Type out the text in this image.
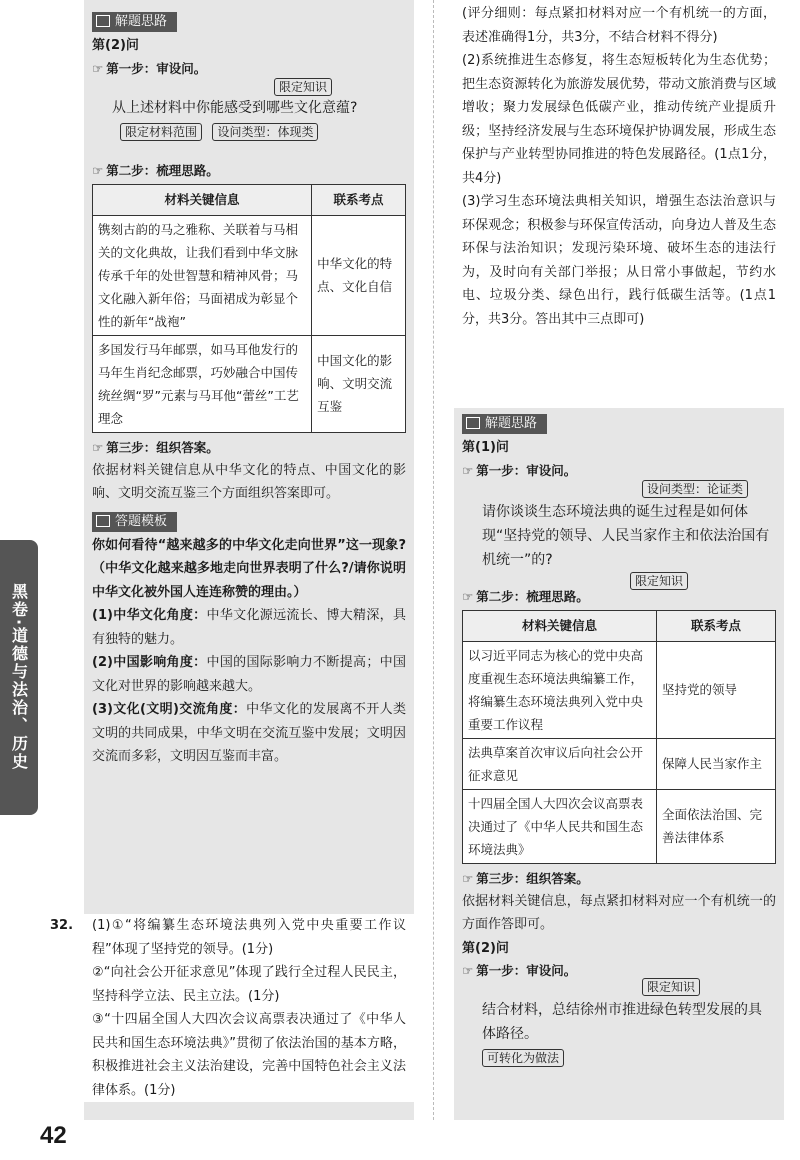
黑卷·道德与法治、历史
解题思路

第(2)问

☞ 第一步：审设问。

限定知识
从上述材料中你能感受到哪些文化意蕴?
限定材料范围 设问类型：体现类

☞ 第二步：梳理思路。

材料关键信息	联系考点
镌刻古韵的马之雅称、关联着与马相关的文化典故，让我们看到中华文脉传承千年的处世智慧和精神风骨；马文化融入新年俗；马面裙成为彰显个性的新年“战袍”	中华文化的特点、文化自信
多国发行马年邮票，如马耳他发行的马年生肖纪念邮票，巧妙融合中国传统丝绸“罗”元素与马耳他“蕾丝”工艺理念	中国文化的影响、文明交流互鉴

☞ 第三步：组织答案。

依据材料关键信息从中华文化的特点、中国文化的影响、文明交流互鉴三个方面组织答案即可。

答题模板

你如何看待“越来越多的中华文化走向世界”这一现象?（中华文化越来越多地走向世界表明了什么?/请你说明中华文化被外国人连连称赞的理由。）

(1)中华文化角度：中华文化源远流长、博大精深，具有独特的魅力。

(2)中国影响角度：中国的国际影响力不断提高；中国文化对世界的影响越来越大。

(3)文化(文明)交流角度：中华文化的发展离不开人类文明的共同成果，中华文明在交流互鉴中发展；文明因交流而多彩，文明因互鉴而丰富。

32. (1)①“将编纂生态环境法典列入党中央重要工作议程”体现了坚持党的领导。(1分)

②“向社会公开征求意见”体现了践行全过程人民民主，坚持科学立法、民主立法。(1分)

③“十四届全国人大四次会议高票表决通过了《中华人民共和国生态环境法典》”贯彻了依法治国的基本方略，积极推进社会主义法治建设，完善中国特色社会主义法律体系。(1分)

(评分细则：每点紧扣材料对应一个有机统一的方面，表述准确得1分，共3分，不结合材料不得分)

(2)系统推进生态修复，将生态短板转化为生态优势；把生态资源转化为旅游发展优势，带动文旅消费与区域增收；聚力发展绿色低碳产业，推动传统产业提质升级；坚持经济发展与生态环境保护协调发展，形成生态保护与产业转型协同推进的特色发展路径。(1点1分，共4分)

(3)学习生态环境法典相关知识，增强生态法治意识与环保观念；积极参与环保宣传活动，向身边人普及生态环保与法治知识；发现污染环境、破坏生态的违法行为，及时向有关部门举报；从日常小事做起，节约水电、垃圾分类、绿色出行，践行低碳生活等。(1点1分，共3分。答出其中三点即可)

解题思路

第(1)问

☞ 第一步：审设问。

设问类型：论证类
请你谈谈生态环境法典的诞生过程是如何体现“坚持党的领导、人民当家作主和依法治国有机统一”的?
限定知识

☞ 第二步：梳理思路。

材料关键信息	联系考点
以习近平同志为核心的党中央高度重视生态环境法典编纂工作，将编纂生态环境法典列入党中央重要工作议程	坚持党的领导
法典草案首次审议后向社会公开征求意见	保障人民当家作主
十四届全国人大四次会议高票表决通过了《中华人民共和国生态环境法典》	全面依法治国、完善法律体系

☞ 第三步：组织答案。

依据材料关键信息，每点紧扣材料对应一个有机统一的方面作答即可。

第(2)问

☞ 第一步：审设问。

限定知识
结合材料，总结徐州市推进绿色转型发展的具体路径。
可转化为做法
42
